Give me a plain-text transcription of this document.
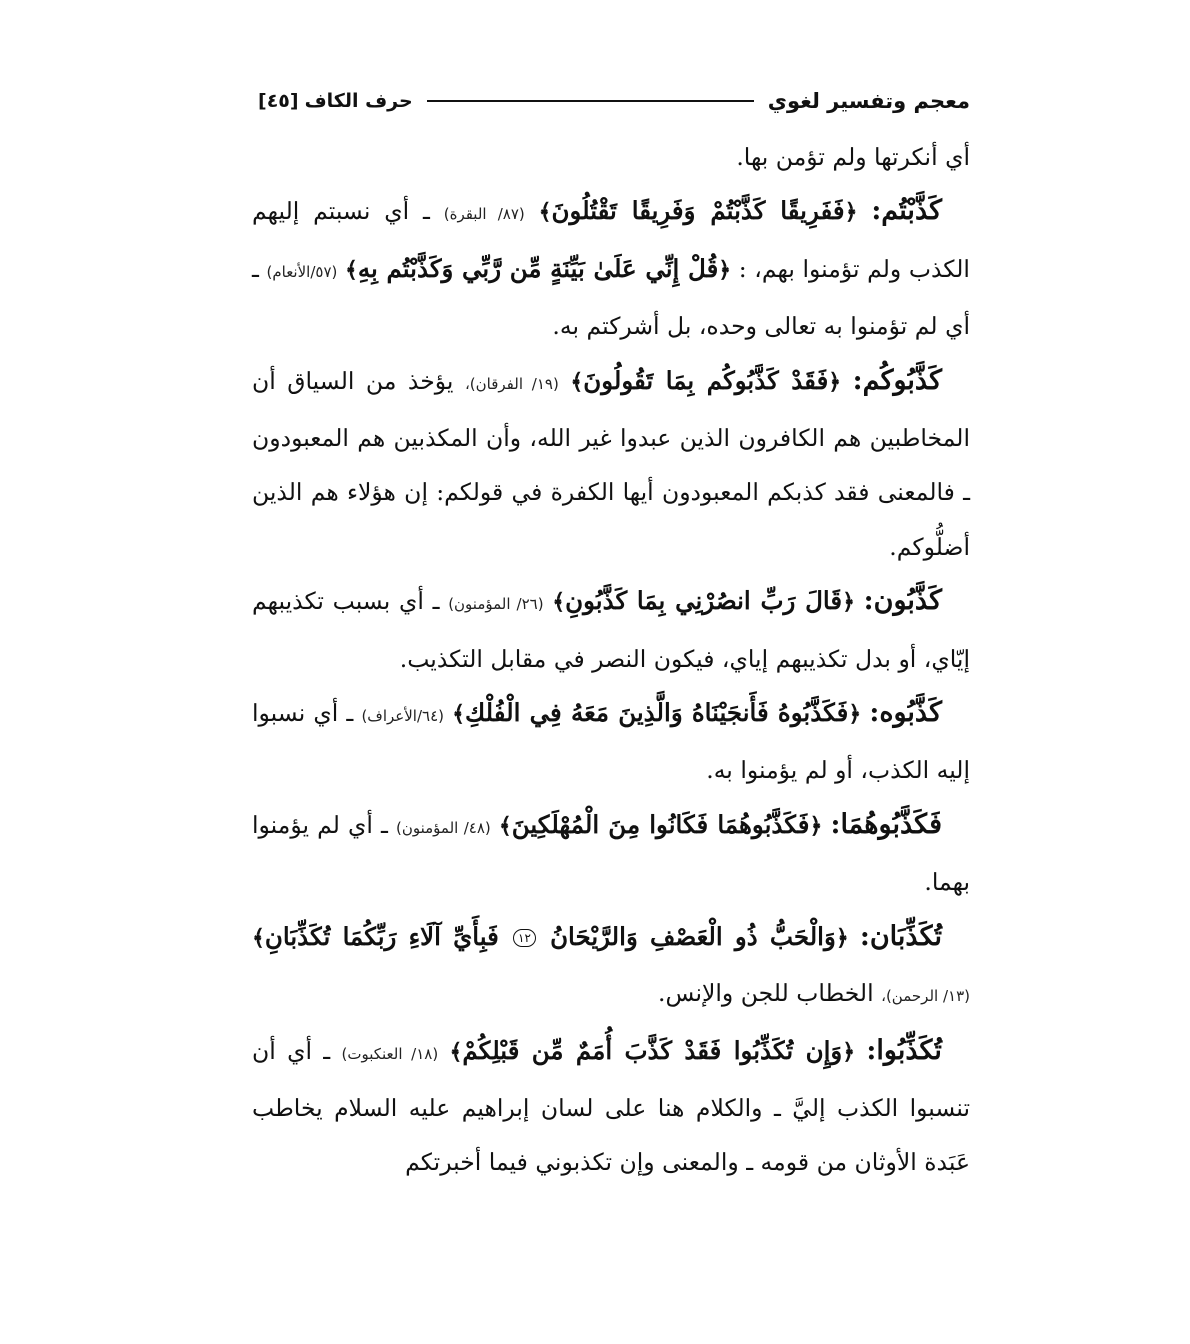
معجم وتفسير لغوي
حرف الكاف
[٤٥]

أي أنكرتها ولم تؤمن بها.

كَذَّبْتُم: ﴿فَفَرِيقًا كَذَّبْتُمْ وَفَرِيقًا تَقْتُلُونَ﴾ (٨٧/ البقرة) ـ أي نسبتم إليهم الكذب ولم تؤمنوا بهم، : ﴿قُلْ إِنِّي عَلَىٰ بَيِّنَةٍ مِّن رَّبِّي وَكَذَّبْتُم بِهِ﴾ (٥٧/الأنعام) ـ أي لم تؤمنوا به تعالى وحده، بل أشركتم به.

كَذَّبُوكُم: ﴿فَقَدْ كَذَّبُوكُم بِمَا تَقُولُونَ﴾ (١٩/ الفرقان)، يؤخذ من السياق أن المخاطبين هم الكافرون الذين عبدوا غير الله، وأن المكذبين هم المعبودون ـ فالمعنى فقد كذبكم المعبودون أيها الكفرة في قولكم: إن هؤلاء هم الذين أضلُّوكم.

كَذَّبُون: ﴿قَالَ رَبِّ انصُرْنِي بِمَا كَذَّبُونِ﴾ (٢٦/ المؤمنون) ـ أي بسبب تكذيبهم إيّاي، أو بدل تكذيبهم إياي، فيكون النصر في مقابل التكذيب.

كَذَّبُوه: ﴿فَكَذَّبُوهُ فَأَنجَيْنَاهُ وَالَّذِينَ مَعَهُ فِي الْفُلْكِ﴾ (٦٤/الأعراف) ـ أي نسبوا إليه الكذب، أو لم يؤمنوا به.

فَكَذَّبُوهُمَا: ﴿فَكَذَّبُوهُمَا فَكَانُوا مِنَ الْمُهْلَكِينَ﴾ (٤٨/ المؤمنون) ـ أي لم يؤمنوا بهما.

تُكَذِّبَان: ﴿وَالْحَبُّ ذُو الْعَصْفِ وَالرَّيْحَانُ ١٢ فَبِأَيِّ آلَاءِ رَبِّكُمَا تُكَذِّبَانِ﴾ (١٣/ الرحمن)، الخطاب للجن والإنس.

تُكَذِّبُوا: ﴿وَإِن تُكَذِّبُوا فَقَدْ كَذَّبَ أُمَمٌ مِّن قَبْلِكُمْ﴾ (١٨/ العنكبوت) ـ أي أن تنسبوا الكذب إليَّ ـ والكلام هنا على لسان إبراهيم عليه السلام يخاطب عَبَدة الأوثان من قومه ـ والمعنى وإن تكذبوني فيما أخبرتكم
